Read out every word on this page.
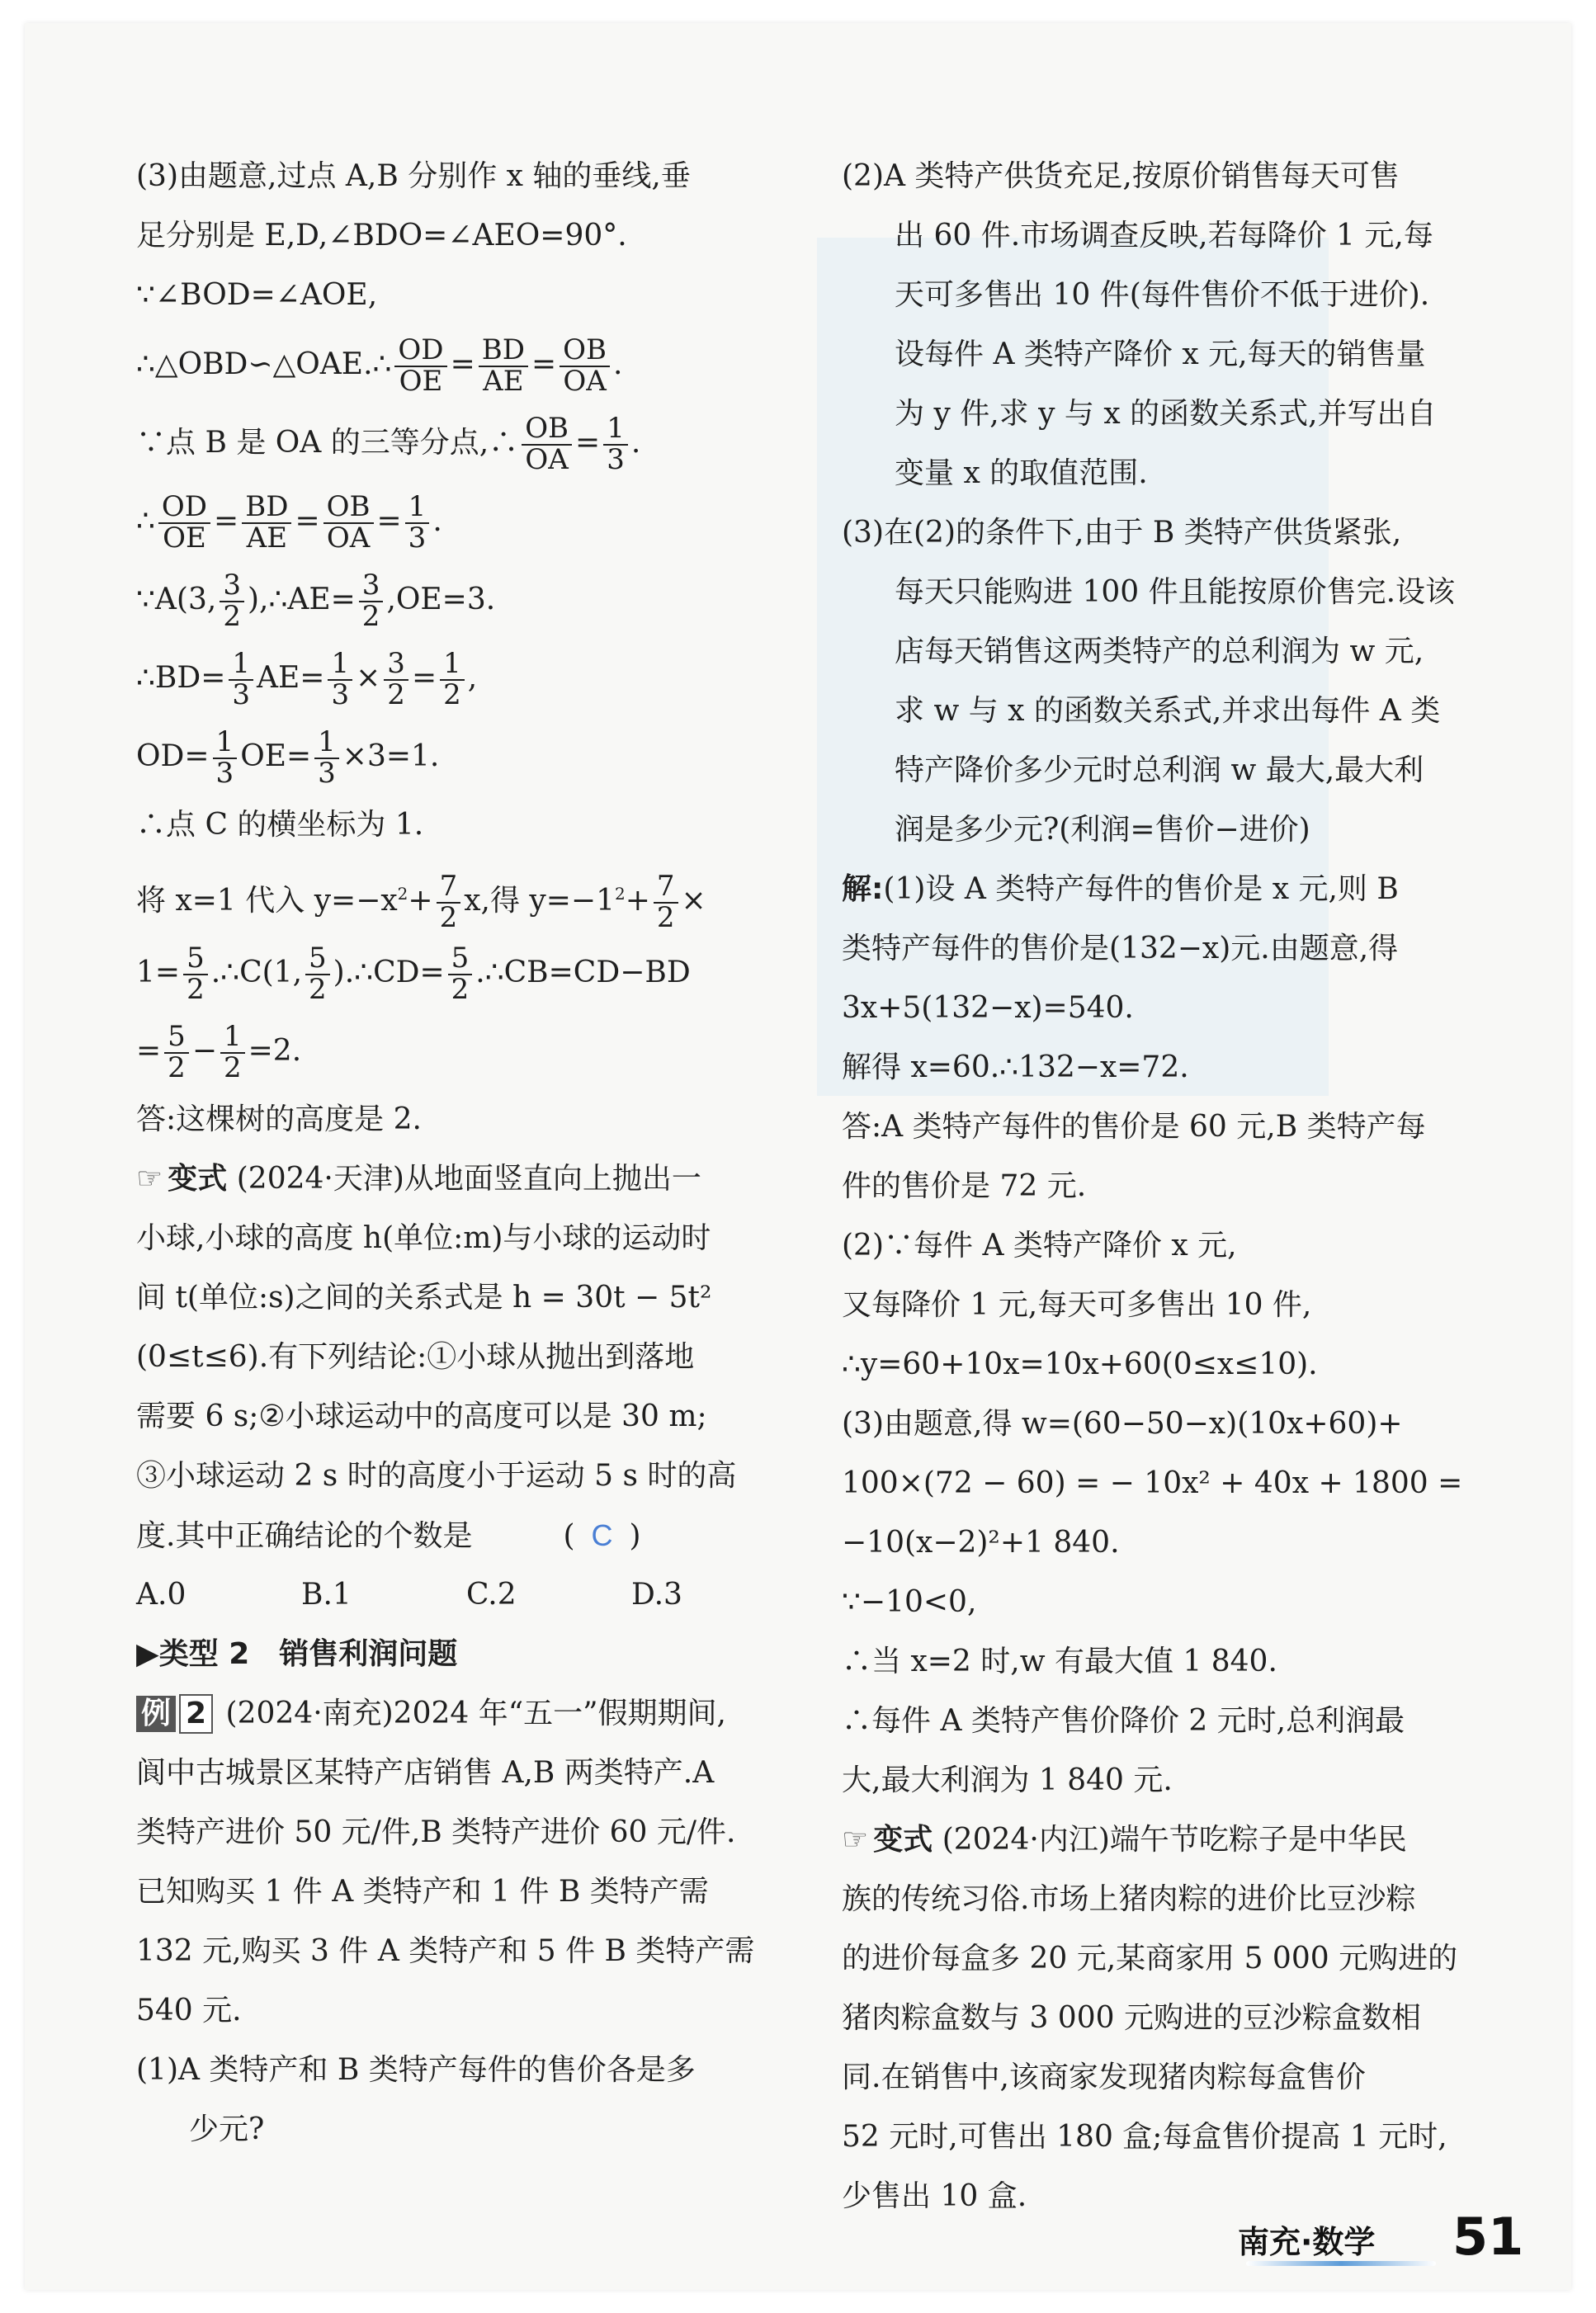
(3)由题意,过点 A,B 分别作 x 轴的垂线,垂
足分别是 E,D,∠BDO=∠AEO=90°.
∵∠BOD=∠AOE,
∴△OBD∽△OAE.∴ $\frac{OD}{OE} = \frac{BD}{AE} = \frac{OB}{OA}$ .
∵点 B 是 OA 的三等分点,∴ $\frac{OB}{OA} = \frac{1}{3}$ .
∴ $\frac{OD}{OE} = \frac{BD}{AE} = \frac{OB}{OA} = \frac{1}{3}$ .
∵A(3, $\frac{3}{2}$ ),∴AE= $\frac{3}{2} ,OE=3$.
∴BD= $\frac{1}{3} AE= \frac{1}{3} \times \frac{3}{2} = \frac{1}{2}$ ,
$OD= \frac{1}{3} OE= \frac{1}{3} \times 3=1$.
∴点 C 的横坐标为 1.
将 x=1 代入 $y=-x^2+ \frac{7}{2} x$,得 $y=-1^2+ \frac{7}{2}$ ×
$1= \frac{5}{2}$ .∴C(1, $\frac{5}{2}$ ).∴CD= $\frac{5}{2}$ .∴CB=CD−BD
= $\frac{5}{2} - \frac{1}{2} =2$.
答:这棵树的高度是 2.
☞ 变式 (2024·天津)从地面竖直向上抛出一
小球,小球的高度 h(单位:m)与小球的运动时
间 t(单位:s)之间的关系式是 h = 30t − 5t²
(0≤t≤6).有下列结论:①小球从抛出到落地
需要 6 s;②小球运动中的高度可以是 30 m;
③小球运动 2 s 时的高度小于运动 5 s 时的高
度.其中正确结论的个数是	( C )
A.0	B.1	C.2	D.3
▶类型 2　销售利润问题
例 2 (2024·南充)2024 年“五一”假期期间,
阆中古城景区某特产店销售 A,B 两类特产.A
类特产进价 50 元/件,B 类特产进价 60 元/件.
已知购买 1 件 A 类特产和 1 件 B 类特产需
132 元,购买 3 件 A 类特产和 5 件 B 类特产需
540 元.
(1)A 类特产和 B 类特产每件的售价各是多
少元?
(2)A 类特产供货充足,按原价销售每天可售
出 60 件.市场调查反映,若每降价 1 元,每
天可多售出 10 件(每件售价不低于进价).
设每件 A 类特产降价 x 元,每天的销售量
为 y 件,求 y 与 x 的函数关系式,并写出自
变量 x 的取值范围.
(3)在(2)的条件下,由于 B 类特产供货紧张,
每天只能购进 100 件且能按原价售完.设该
店每天销售这两类特产的总利润为 w 元,
求 w 与 x 的函数关系式,并求出每件 A 类
特产降价多少元时总利润 w 最大,最大利
润是多少元?(利润=售价−进价)
解:(1)设 A 类特产每件的售价是 x 元,则 B
类特产每件的售价是(132−x)元.由题意,得
3x+5(132−x)=540.
解得 x=60.∴132−x=72.
答:A 类特产每件的售价是 60 元,B 类特产每
件的售价是 72 元.
(2)∵每件 A 类特产降价 x 元,
又每降价 1 元,每天可多售出 10 件,
∴y=60+10x=10x+60(0≤x≤10).
(3)由题意,得 w=(60−50−x)(10x+60)+
100×(72 − 60) = − 10x² + 40x + 1800 =
−10(x−2)²+1 840.
∵−10<0,
∴当 x=2 时,w 有最大值 1 840.
∴每件 A 类特产售价降价 2 元时,总利润最
大,最大利润为 1 840 元.
☞ 变式 (2024·内江)端午节吃粽子是中华民
族的传统习俗.市场上猪肉粽的进价比豆沙粽
的进价每盒多 20 元,某商家用 5 000 元购进的
猪肉粽盒数与 3 000 元购进的豆沙粽盒数相
同.在销售中,该商家发现猪肉粽每盒售价
52 元时,可售出 180 盒;每盒售价提高 1 元时,
少售出 10 盒.
南充·数学 51
